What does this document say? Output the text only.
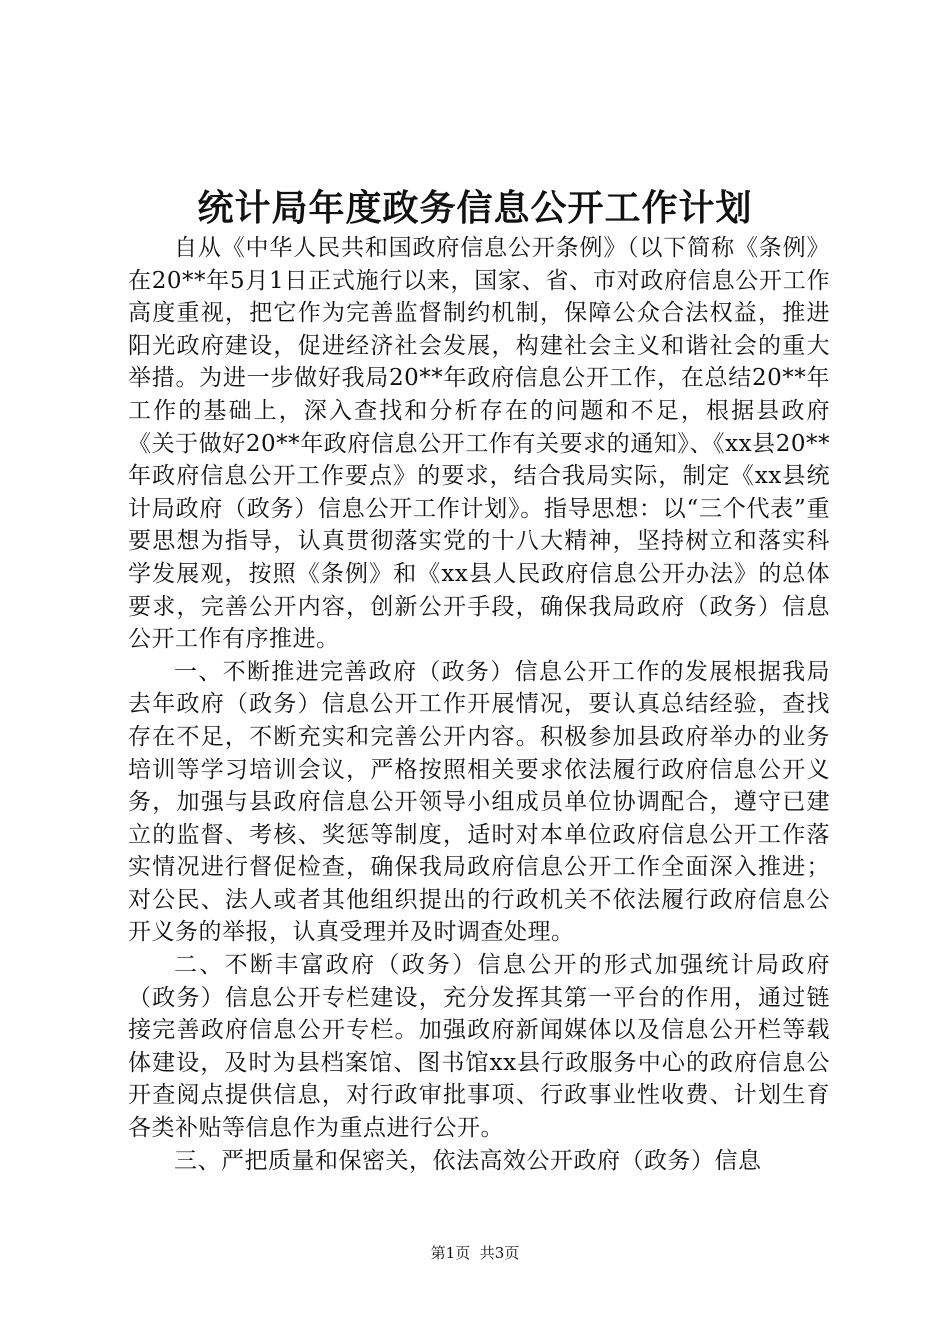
统计局年度政务信息公开工作计划

自从《中华人民共和国政府信息公开条例》（以下简称《条例》在20**年5月1日正式施行以来，国家、省、市对政府信息公开工作高度重视，把它作为完善监督制约机制，保障公众合法权益，推进阳光政府建设，促进经济社会发展，构建社会主义和谐社会的重大举措。为进一步做好我局20**年政府信息公开工作，在总结20**年工作的基础上，深入查找和分析存在的问题和不足，根据县政府《关于做好20**年政府信息公开工作有关要求的通知》、《xx县20**年政府信息公开工作要点》的要求，结合我局实际，制定《xx县统计局政府（政务）信息公开工作计划》。指导思想：以“三个代表”重要思想为指导，认真贯彻落实党的十八大精神，坚持树立和落实科学发展观，按照《条例》和《xx县人民政府信息公开办法》的总体要求，完善公开内容，创新公开手段，确保我局政府（政务）信息公开工作有序推进。

一、不断推进完善政府（政务）信息公开工作的发展根据我局去年政府（政务）信息公开工作开展情况，要认真总结经验，查找存在不足，不断充实和完善公开内容。积极参加县政府举办的业务培训等学习培训会议，严格按照相关要求依法履行政府信息公开义务，加强与县政府信息公开领导小组成员单位协调配合，遵守已建立的监督、考核、奖惩等制度，适时对本单位政府信息公开工作落实情况进行督促检查，确保我局政府信息公开工作全面深入推进；对公民、法人或者其他组织提出的行政机关不依法履行政府信息公开义务的举报，认真受理并及时调查处理。

二、不断丰富政府（政务）信息公开的形式加强统计局政府（政务）信息公开专栏建设，充分发挥其第一平台的作用，通过链接完善政府信息公开专栏。加强政府新闻媒体以及信息公开栏等载体建设，及时为县档案馆、图书馆xx县行政服务中心的政府信息公开查阅点提供信息，对行政审批事项、行政事业性收费、计划生育各类补贴等信息作为重点进行公开。

三、严把质量和保密关，依法高效公开政府（政务）信息

第1页 共3页
